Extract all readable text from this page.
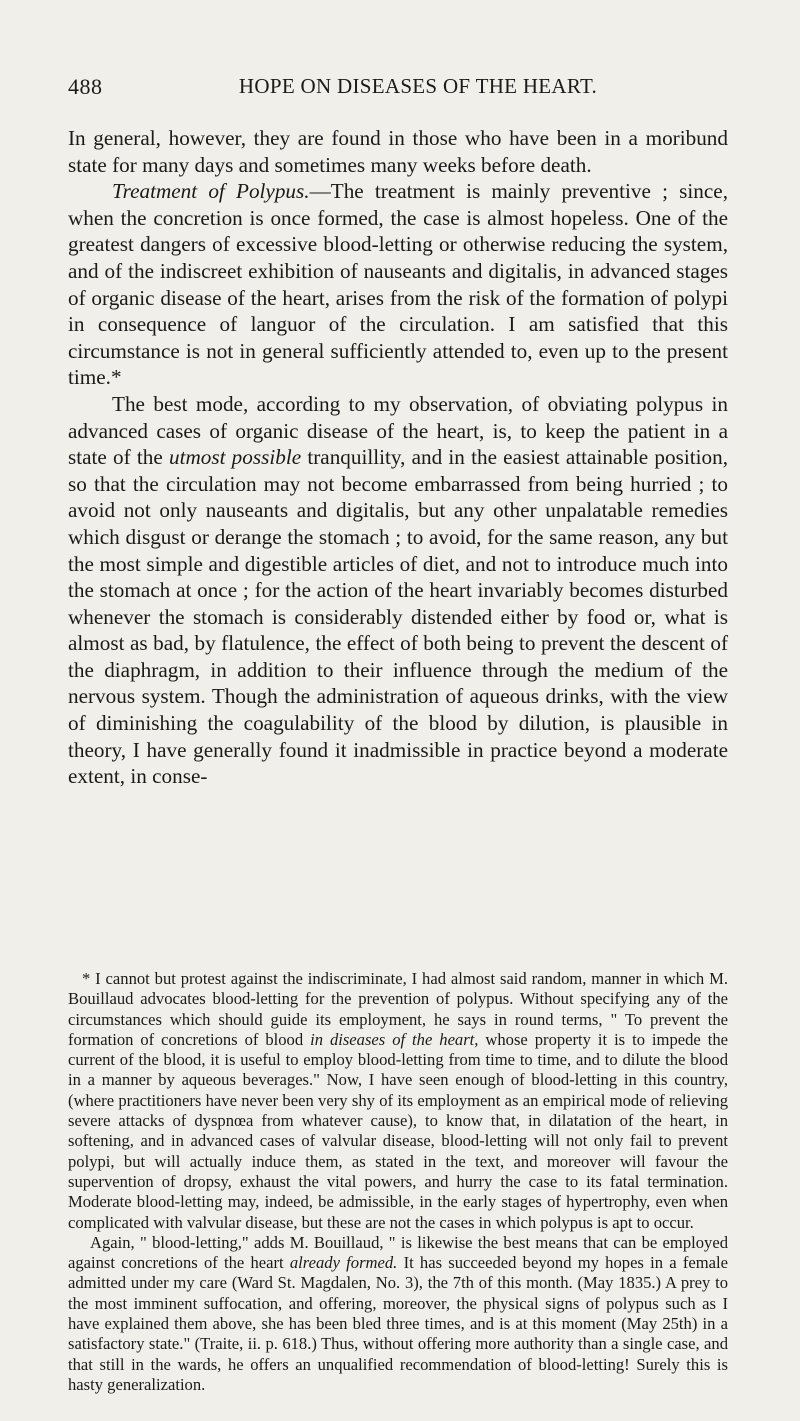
488	HOPE ON DISEASES OF THE HEART.

In general, however, they are found in those who have been in a moribund state for many days and sometimes many weeks before death.

Treatment of Polypus.—The treatment is mainly preventive ; since, when the concretion is once formed, the case is almost hopeless. One of the greatest dangers of excessive blood-letting or otherwise reducing the system, and of the indiscreet exhibition of nauseants and digitalis, in advanced stages of organic disease of the heart, arises from the risk of the formation of polypi in consequence of languor of the circulation. I am satisfied that this circumstance is not in general sufficiently attended to, even up to the present time.*

The best mode, according to my observation, of obviating polypus in advanced cases of organic disease of the heart, is, to keep the patient in a state of the utmost possible tranquillity, and in the easiest attainable position, so that the circulation may not become embarrassed from being hurried ; to avoid not only nauseants and digitalis, but any other unpalatable remedies which disgust or derange the stomach ; to avoid, for the same reason, any but the most simple and digestible articles of diet, and not to introduce much into the stomach at once ; for the action of the heart invariably becomes disturbed whenever the stomach is considerably distended either by food or, what is almost as bad, by flatulence, the effect of both being to prevent the descent of the diaphragm, in addition to their influence through the medium of the nervous system. Though the administration of aqueous drinks, with the view of diminishing the coagulability of the blood by dilution, is plausible in theory, I have generally found it inadmissible in practice beyond a moderate extent, in conse-

* I cannot but protest against the indiscriminate, I had almost said random, manner in which M. Bouillaud advocates blood-letting for the prevention of polypus. Without specifying any of the circumstances which should guide its employment, he says in round terms, " To prevent the formation of concretions of blood in diseases of the heart, whose property it is to impede the current of the blood, it is useful to employ blood-letting from time to time, and to dilute the blood in a manner by aqueous beverages." Now, I have seen enough of blood-letting in this country, (where practitioners have never been very shy of its employment as an empirical mode of relieving severe attacks of dyspnœa from whatever cause), to know that, in dilatation of the heart, in softening, and in advanced cases of valvular disease, blood-letting will not only fail to prevent polypi, but will actually induce them, as stated in the text, and moreover will favour the supervention of dropsy, exhaust the vital powers, and hurry the case to its fatal termination. Moderate blood-letting may, indeed, be admissible, in the early stages of hypertrophy, even when complicated with valvular disease, but these are not the cases in which polypus is apt to occur.

Again, " blood-letting," adds M. Bouillaud, " is likewise the best means that can be employed against concretions of the heart already formed. It has succeeded beyond my hopes in a female admitted under my care (Ward St. Magdalen, No. 3), the 7th of this month. (May 1835.) A prey to the most imminent suffocation, and offering, moreover, the physical signs of polypus such as I have explained them above, she has been bled three times, and is at this moment (May 25th) in a satisfactory state." (Traite, ii. p. 618.) Thus, without offering more authority than a single case, and that still in the wards, he offers an unqualified recommendation of blood-letting! Surely this is hasty generalization.
